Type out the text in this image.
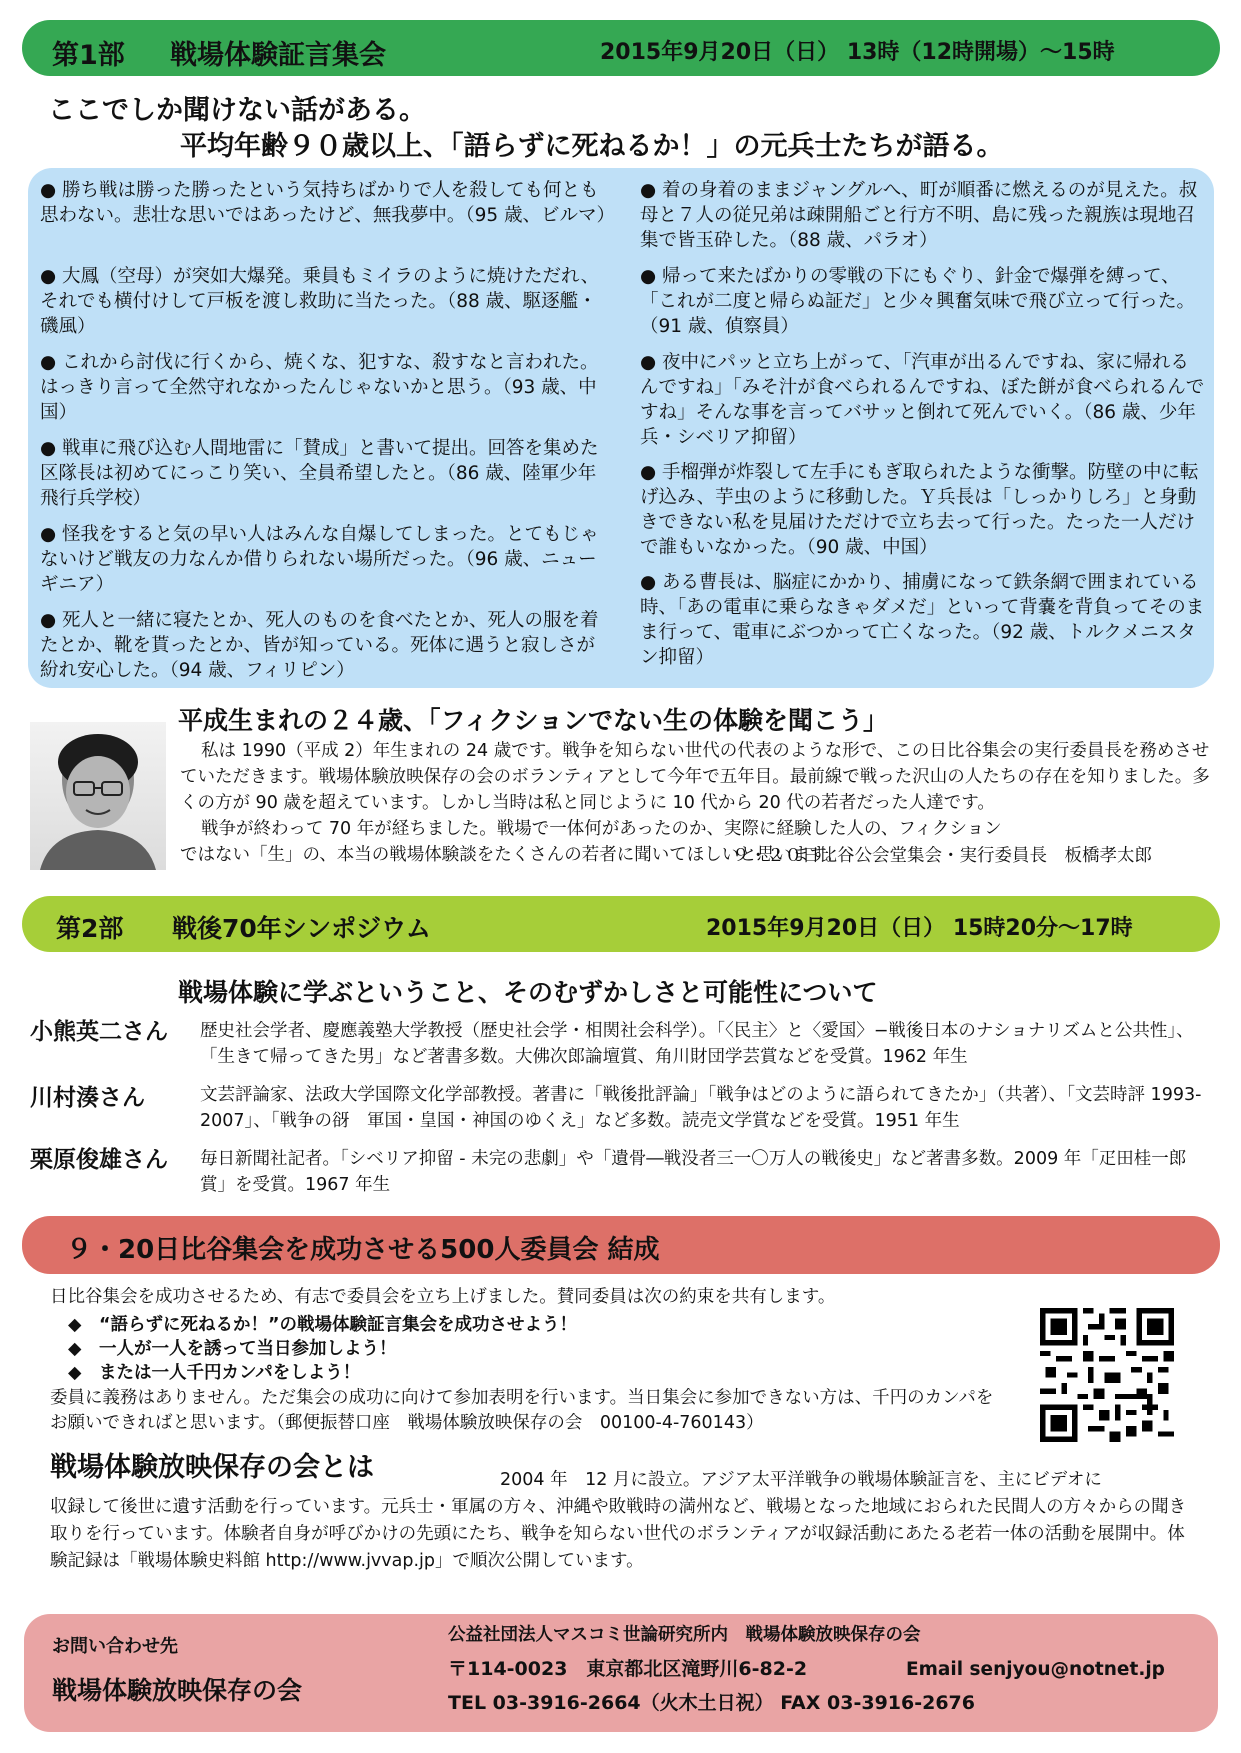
第1部 戦場体験証言集会	2015年9月20日（日） 13時（12時開場）〜15時
ここでしか聞けない話がある。
平均年齢９０歳以上、「語らずに死ねるか！」の元兵士たちが語る。
● 勝ち戦は勝った勝ったという気持ちばかりで人を殺しても何とも思わない。悲壮な思いではあったけど、無我夢中。（95 歳、ビルマ）
● 大鳳（空母）が突如大爆発。乗員もミイラのように焼けただれ、それでも横付けして戸板を渡し救助に当たった。（88 歳、駆逐艦・磯風）
● これから討伐に行くから、焼くな、犯すな、殺すなと言われた。はっきり言って全然守れなかったんじゃないかと思う。（93 歳、中国）
● 戦車に飛び込む人間地雷に「賛成」と書いて提出。回答を集めた区隊長は初めてにっこり笑い、全員希望したと。（86 歳、陸軍少年飛行兵学校）
● 怪我をすると気の早い人はみんな自爆してしまった。とてもじゃないけど戦友の力なんか借りられない場所だった。（96 歳、ニューギニア）
● 死人と一緒に寝たとか、死人のものを食べたとか、死人の服を着たとか、靴を貰ったとか、皆が知っている。死体に遇うと寂しさが紛れ安心した。（94 歳、フィリピン）
● 着の身着のままジャングルへ、町が順番に燃えるのが見えた。叔母と７人の従兄弟は疎開船ごと行方不明、島に残った親族は現地召集で皆玉砕した。（88 歳、パラオ）
● 帰って来たばかりの零戦の下にもぐり、針金で爆弾を縛って、「これが二度と帰らぬ証だ」と少々興奮気味で飛び立って行った。（91 歳、偵察員）
● 夜中にパッと立ち上がって、「汽車が出るんですね、家に帰れるんですね」「みそ汁が食べられるんですね、ぼた餅が食べられるんですね」そんな事を言ってバサッと倒れて死んでいく。（86 歳、少年兵・シベリア抑留）
● 手榴弾が炸裂して左手にもぎ取られたような衝撃。防壁の中に転げ込み、芋虫のように移動した。Ｙ兵長は「しっかりしろ」と身動きできない私を見届けただけで立ち去って行った。たった一人だけで誰もいなかった。（90 歳、中国）
● ある曹長は、脳症にかかり、捕虜になって鉄条網で囲まれている時、「あの電車に乗らなきゃダメだ」といって背嚢を背負ってそのまま行って、電車にぶつかって亡くなった。（92 歳、トルクメニスタン抑留）
平成生まれの２４歳、「フィクションでない生の体験を聞こう」
私は 1990（平成 2）年生まれの 24 歳です。戦争を知らない世代の代表のような形で、この日比谷集会の実行委員長を務めさせていただきます。戦場体験放映保存の会のボランティアとして今年で五年目。最前線で戦った沢山の人たちの存在を知りました。多くの方が 90 歳を超えています。しかし当時は私と同じように 10 代から 20 代の若者だった人達です。
戦争が終わって 70 年が経ちました。戦場で一体何があったのか、実際に経験した人の、フィクションではない「生」の、本当の戦場体験談をたくさんの若者に聞いてほしいと思います。
９・２０日比谷公会堂集会・実行委員長　板橋孝太郎
第2部 戦後70年シンポジウム	2015年9月20日（日） 15時20分〜17時
戦場体験に学ぶということ、そのむずかしさと可能性について
小熊英二さん 歴史社会学者、慶應義塾大学教授（歴史社会学・相関社会科学）。「〈民主〉と〈愛国〉−戦後日本のナショナリズムと公共性」、「生きて帰ってきた男」など著書多数。大佛次郎論壇賞、角川財団学芸賞などを受賞。1962 年生
川村湊さん	文芸評論家、法政大学国際文化学部教授。著書に「戦後批評論」「戦争はどのように語られてきたか」（共著）、「文芸時評 1993-2007」、「戦争の谺　軍国・皇国・神国のゆくえ」など多数。読売文学賞などを受賞。1951 年生
栗原俊雄さん 毎日新聞社記者。「シベリア抑留 - 未完の悲劇」や「遺骨―戦没者三一〇万人の戦後史」など著書多数。2009 年「疋田桂一郎賞」を受賞。1967 年生
９・20日比谷集会を成功させる500人委員会 結成
日比谷集会を成功させるため、有志で委員会を立ち上げました。賛同委員は次の約束を共有します。
◆　“語らずに死ねるか！”の戦場体験証言集会を成功させよう！
◆　一人が一人を誘って当日参加しよう！
◆　または一人千円カンパをしよう！
委員に義務はありません。ただ集会の成功に向けて参加表明を行います。当日集会に参加できない方は、千円のカンパをお願いできればと思います。（郵便振替口座　戦場体験放映保存の会　00100-4-760143）
戦場体験放映保存の会とは	2004 年　12 月に設立。アジア太平洋戦争の戦場体験証言を、主にビデオに
収録して後世に遺す活動を行っています。元兵士・軍属の方々、沖縄や敗戦時の満州など、戦場となった地域におられた民間人の方々からの聞き取りを行っています。体験者自身が呼びかけの先頭にたち、戦争を知らない世代のボランティアが収録活動にあたる老若一体の活動を展開中。体験記録は「戦場体験史料館 http://www.jvvap.jp」で順次公開しています。
お問い合わせ先
戦場体験放映保存の会
公益社団法人マスコミ世論研究所内　戦場体験放映保存の会
〒114-0023　東京都北区滝野川6-82-2	Email senjyou@notnet.jp
TEL 03-3916-2664（火木土日祝） FAX 03-3916-2676
